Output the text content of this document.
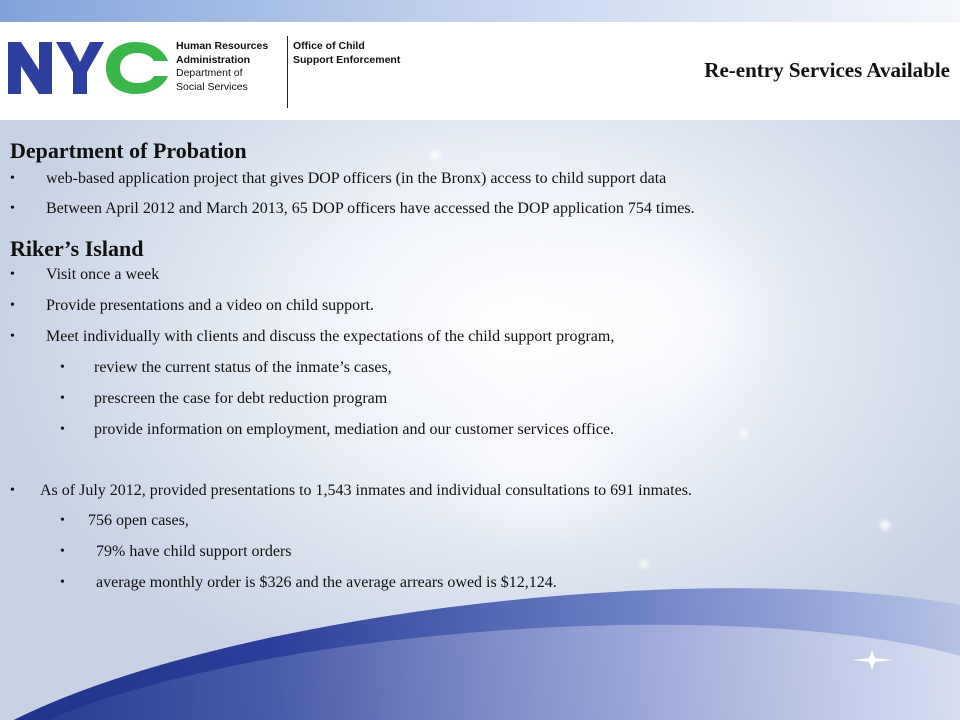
Human Resources
Administration
Department of
Social Services
Office of Child
Support Enforcement	Re-entry Services Available
Department of Probation
• web-based application project that gives DOP officers (in the Bronx) access to child support data
• Between April 2012 and March 2013, 65 DOP officers have accessed the DOP application 754 times.
Riker’s Island
• Visit once a week
• Provide presentations and a video on child support.
• Meet individually with clients and discuss the expectations of the child support program,
• review the current status of the inmate’s cases,
• prescreen the case for debt reduction program
• provide information on employment, mediation and our customer services office.
• As of July 2012, provided presentations to 1,543 inmates and individual consultations to 691 inmates.
• 756 open cases,
• 79% have child support orders
• average monthly order is $326 and the average arrears owed is $12,124.
